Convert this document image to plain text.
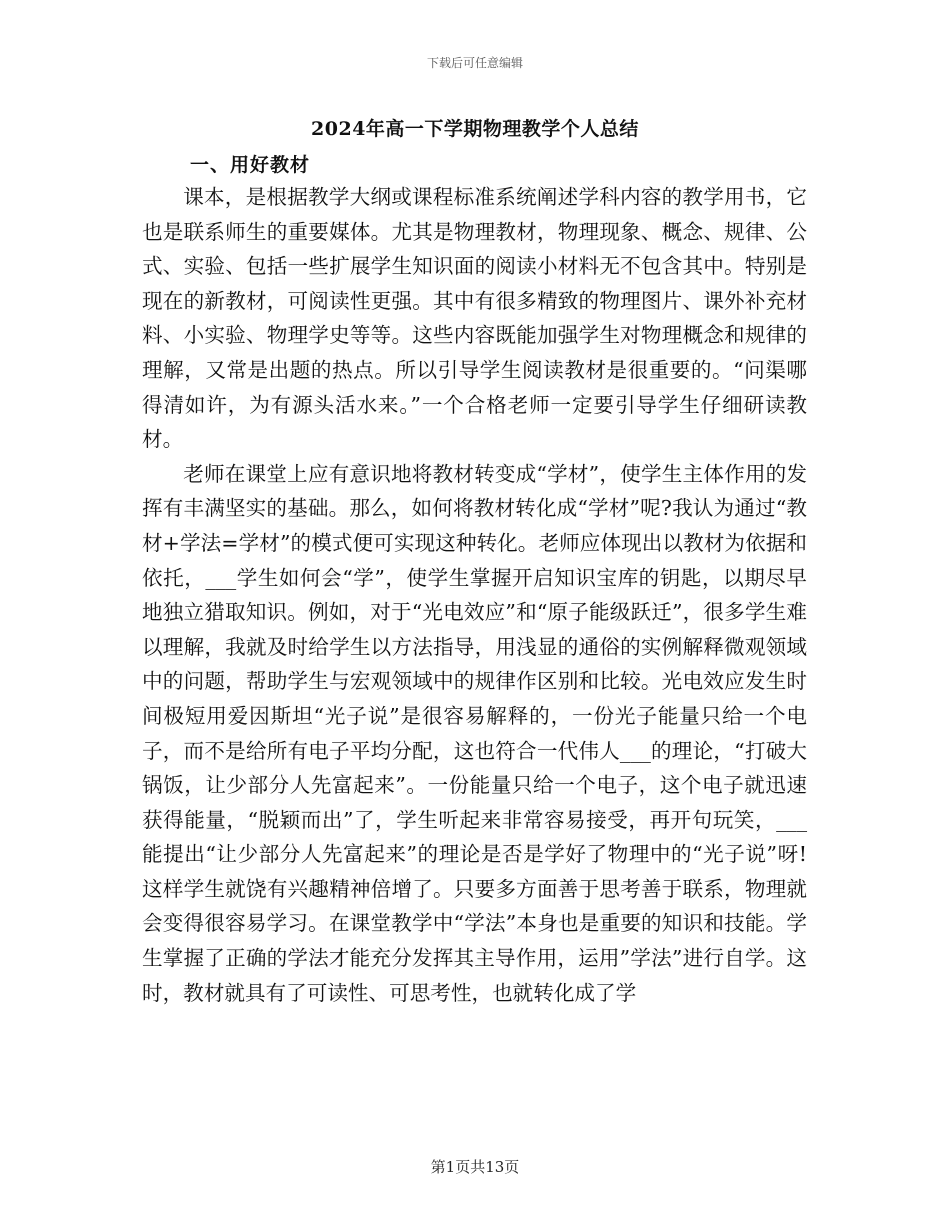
下载后可任意编辑
2024年高一下学期物理教学个人总结
一、用好教材

课本，是根据教学大纲或课程标准系统阐述学科内容的教学用书，它也是联系师生的重要媒体。尤其是物理教材，物理现象、概念、规律、公式、实验、包括一些扩展学生知识面的阅读小材料无不包含其中。特别是现在的新教材，可阅读性更强。其中有很多精致的物理图片、课外补充材料、小实验、物理学史等等。这些内容既能加强学生对物理概念和规律的理解，又常是出题的热点。所以引导学生阅读教材是很重要的。“问渠哪得清如许，为有源头活水来。”一个合格老师一定要引导学生仔细研读教材。

老师在课堂上应有意识地将教材转变成“学材”，使学生主体作用的发挥有丰满坚实的基础。那么，如何将教材转化成“学材”呢?我认为通过“教材+学法=学材”的模式便可实现这种转化。老师应体现出以教材为依据和依托，___学生如何会“学”，使学生掌握开启知识宝库的钥匙，以期尽早地独立猎取知识。例如，对于“光电效应”和“原子能级跃迁”，很多学生难以理解，我就及时给学生以方法指导，用浅显的通俗的实例解释微观领域中的问题，帮助学生与宏观领域中的规律作区别和比较。光电效应发生时间极短用爱因斯坦“光子说”是很容易解释的，一份光子能量只给一个电子，而不是给所有电子平均分配，这也符合一代伟人___的理论，“打破大锅饭，让少部分人先富起来”。一份能量只给一个电子，这个电子就迅速获得能量，“脱颖而出”了，学生听起来非常容易接受，再开句玩笑，___能提出“让少部分人先富起来”的理论是否是学好了物理中的“光子说”呀!这样学生就饶有兴趣精神倍增了。只要多方面善于思考善于联系，物理就会变得很容易学习。在课堂教学中“学法”本身也是重要的知识和技能。学生掌握了正确的学法才能充分发挥其主导作用，运用”学法”进行自学。这时，教材就具有了可读性、可思考性，也就转化成了学

第1页共13页
